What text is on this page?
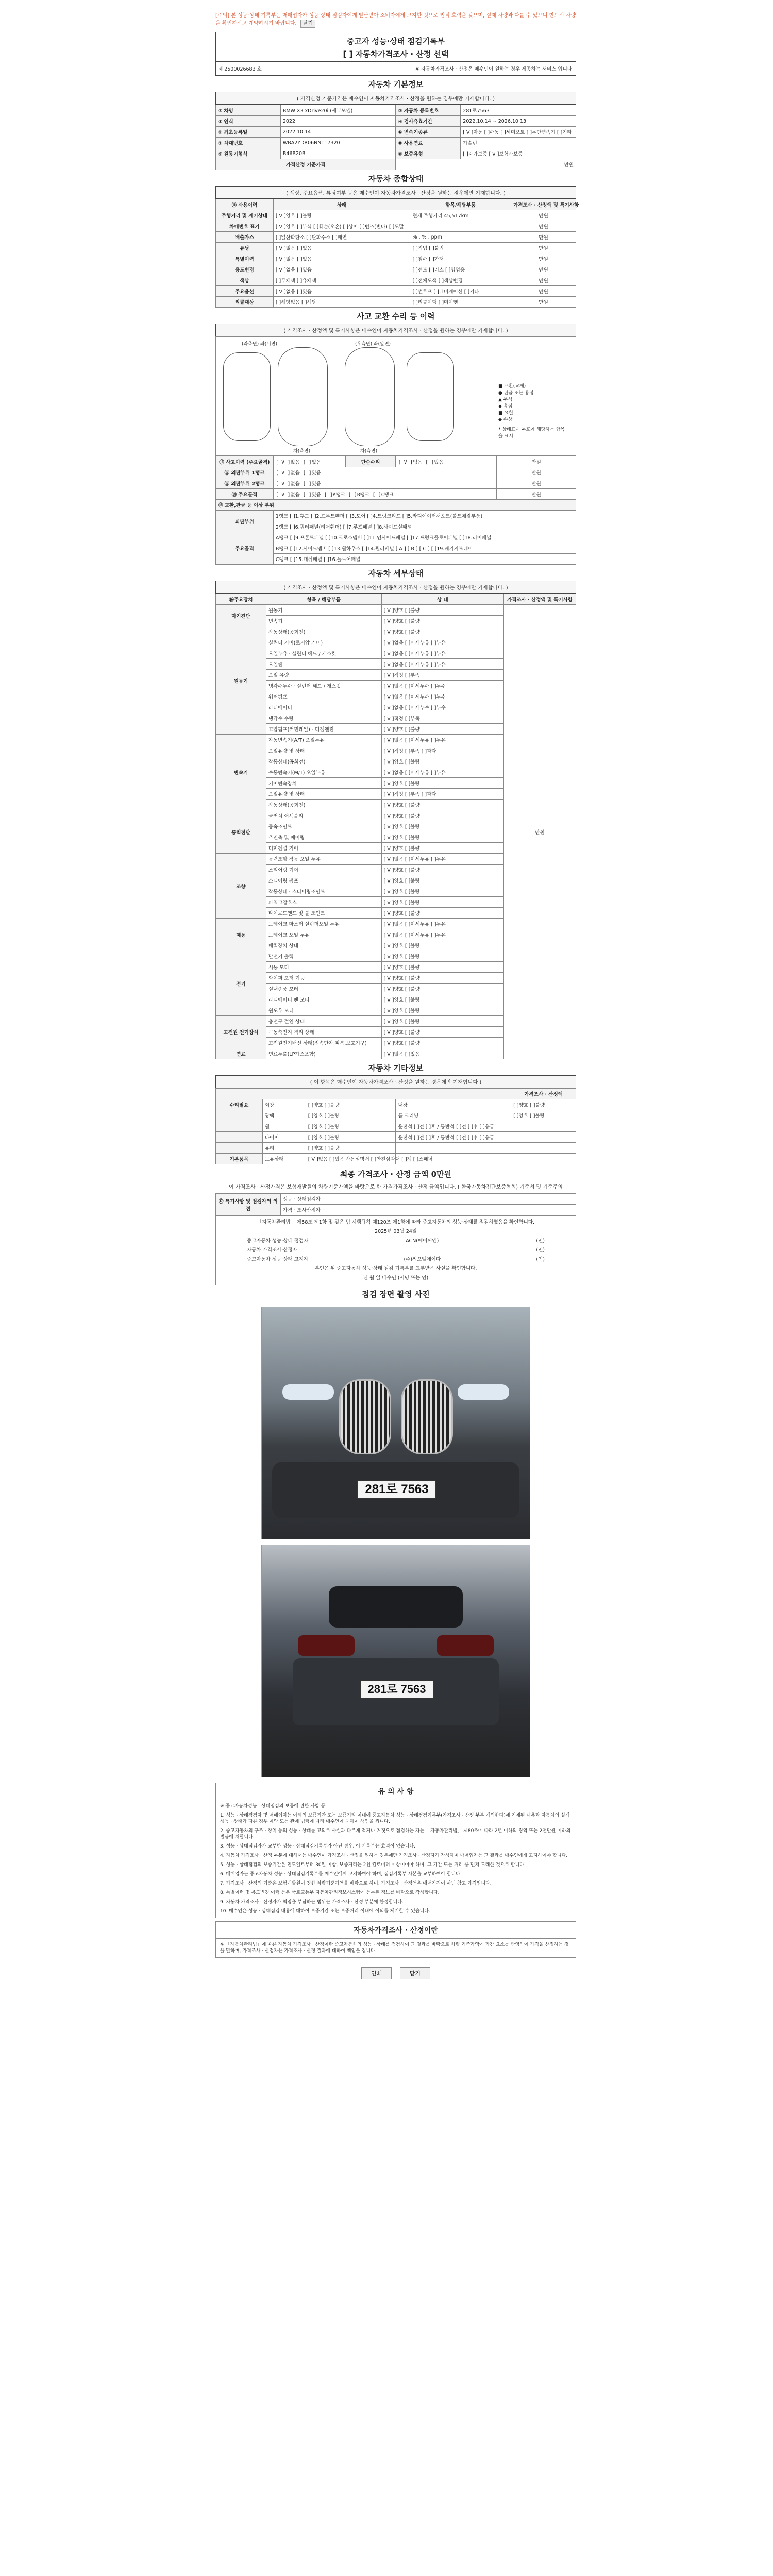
[주의] 본 성능·상태 기록부는 매매업자가 성능·상태 점검자에게 발급받아 소비자에게 고지한 것으로 법적 효력을 갖으며, 실제 차량과 다를 수 있으니 반드시 차량을 확인하시고 계약하시기 바랍니다. 닫기
중고자 성능·상태 점검기록부
[ ] 자동차가격조사 · 산정 선택
제 2500026683 호	※ 자동차가격조사 · 산정은 매수인이 원하는 경우 제공하는 서비스 입니다.
자동차 기본정보
( 가격산정 기준가격은 매수인이 자동차가격조사 · 산정을 원하는 경우에만 기재합니다. )
① 차명	BMW X3 xDrive20i (세부모델)	② 자동차 등록번호	281로7563
③ 연식	2022	④ 검사유효기간	2022.10.14 ~ 2026.10.13
⑤ 최초등록일	2022.10.14	⑥ 변속기종류	[ V ]자동 [ ]수동 [ ]세미오토 [ ]무단변속기 [ ]기타
⑦ 차대번호	WBA2YDR06NN117320	⑧ 사용연료	가솔린
⑨ 원동기형식	B46B20B	⑩ 보증유형	[ ]자가보증 [ V ]보험사보증
가격산정 기준가격		만원	
자동차 종합상태
( 색상, 주요옵션, 튜닝여부 등은 매수인이 자동차가격조사 · 산정을 원하는 경우에만 기재합니다. )
⑪ 사용이력	상태	항목/해당부품	가격조사 · 산정액 및 특기사항
주행거리 및 계기상태	[ V ]양호 [ ]불량	현재 주행거리 45,517km	만원
차대번호 표기	[ V ]양호 [ ]부식 [ ]훼손(오손) [ ]상이 [ ]변조(변타) [ ]도말		만원
배출가스	[ ]일산화탄소 [ ]탄화수소 [ ]매연	% , % , ppm	만원
튜닝	[ V ]없음 [ ]있음	[ ]적법 [ ]불법	만원
특별이력	[ V ]없음 [ ]있음	[ ]침수 [ ]화재	만원
용도변경	[ V ]없음 [ ]있음	[ ]렌트 [ ]리스 [ ]영업용	만원
색상	[ ]무채색 [ ]유채색	[ ]전체도색 [ ]색상변경	만원
주요옵션	[ V ]없음 [ ]있음	[ ]썬루프 [ ]네비게이션 [ ]기타	만원
리콜대상	[ ]해당없음 [ ]해당	[ ]리콜이행 [ ]미이행	만원
사고 교환 수리 등 이력
( 가격조사 · 산정액 및 특기사항은 매수인이 자동차가격조사 · 산정을 원하는 경우에만 기재합니다. )
(좌측면) 좌(뒤면)	(우측면) 좌(앞면)
차(측면)	차(측면)
■ 교환(교체)
● 판금 또는 용접
▲ 부식
◆ 흠집
■ 요철
◆ 손상
* 상태표시 부호에 해당하는 항목을 표시
⑫ 사고이력 (주요골격)	[ V ]없음 [ ]있음	단순수리	[ V ]없음 [ ]있음	만원
⑬ 외판부위 1랭크	[ V ]없음 [ ]있음			만원
⑬ 외판부위 2랭크	[ V ]없음 [ ]있음			만원
⑭ 주요골격	[ V ]없음 [ ]있음 [ ]A랭크 [ ]B랭크 [ ]C랭크			만원
⑮ 교환,판금 등 이상 부위				
외판부위	1랭크 [ ]1.후드 [ ]2.프론트휀더 [ ]3.도어 [ ]4.트렁크리드 [ ]5.라디에이터서포트(볼트체결부품)			
	2랭크 [ ]6.쿼터패널(리어휀더) [ ]7.루프패널 [ ]8.사이드실패널			
주요골격	A랭크 [ ]9.프론트패널 [ ]10.크로스멤버 [ ]11.인사이드패널 [ ]17.트렁크플로어패널 [ ]18.리어패널			
	B랭크 [ ]12.사이드멤버 [ ]13.휠하우스 [ ]14.필러패널 [ A ] [ B ] [ C ] [ ]19.패키지트레이			
	C랭크 [ ]15.대쉬패널 [ ]16.플로어패널			
자동차 세부상태
( 가격조사 · 산정액 및 특기사항은 매수인이 자동차가격조사 · 산정을 원하는 경우에만 기재합니다. )
⑯주요장치	항목 / 해당부품	상 태	가격조사 · 산정액 및 특기사항
자기진단	원동기	[ V ]양호 [ ]불량	만원
	변속기	[ V ]양호 [ ]불량	
원동기	작동상태(공회전)	[ V ]양호 [ ]불량	
	실린더 커버(로커암 커버)	[ V ]없음 [ ]미세누유 [ ]누유	
	오일누유 · 실린더 헤드 / 개스킷	[ V ]없음 [ ]미세누유 [ ]누유	
	오일팬	[ V ]없음 [ ]미세누유 [ ]누유	
	오일 유량	[ V ]적정 [ ]부족	
	냉각수누수 · 실린더 헤드 / 개스킷	[ V ]없음 [ ]미세누수 [ ]누수	
	워터펌프	[ V ]없음 [ ]미세누수 [ ]누수	
	라디에이터	[ V ]없음 [ ]미세누수 [ ]누수	
	냉각수 수량	[ V ]적정 [ ]부족	
	고압펌프(커먼레일) - 디젤엔진	[ V ]양호 [ ]불량	
변속기	자동변속기(A/T) 오일누유	[ V ]없음 [ ]미세누유 [ ]누유	
	오일유량 및 상태	[ V ]적정 [ ]부족 [ ]과다	
	작동상태(공회전)	[ V ]양호 [ ]불량	
	수동변속기(M/T) 오일누유	[ V ]없음 [ ]미세누유 [ ]누유	
	기어변속장치	[ V ]양호 [ ]불량	
	오일유량 및 상태	[ V ]적정 [ ]부족 [ ]과다	
	작동상태(공회전)	[ V ]양호 [ ]불량	
동력전달	클러치 어셈블리	[ V ]양호 [ ]불량	
	등속조인트	[ V ]양호 [ ]불량	
	추진축 및 베어링	[ V ]양호 [ ]불량	
	디퍼렌셜 기어	[ V ]양호 [ ]불량	
조향	동력조향 작동 오일 누유	[ V ]없음 [ ]미세누유 [ ]누유	
	스티어링 기어	[ V ]양호 [ ]불량	
	스티어링 펌프	[ V ]양호 [ ]불량	
	작동상태 · 스티어링조인트	[ V ]양호 [ ]불량	
	파워고압호스	[ V ]양호 [ ]불량	
	타이로드엔드 및 볼 조인트	[ V ]양호 [ ]불량	
제동	브레이크 마스터 실린더오일 누유	[ V ]없음 [ ]미세누유 [ ]누유	
	브레이크 오일 누유	[ V ]없음 [ ]미세누유 [ ]누유	
	배력장치 상태	[ V ]양호 [ ]불량	
전기	발전기 출력	[ V ]양호 [ ]불량	
	시동 모터	[ V ]양호 [ ]불량	
	와이퍼 모터 기능	[ V ]양호 [ ]불량	
	실내송풍 모터	[ V ]양호 [ ]불량	
	라디에이터 팬 모터	[ V ]양호 [ ]불량	
	윈도우 모터	[ V ]양호 [ ]불량	
고전원 전기장치	충전구 절연 상태	[ V ]양호 [ ]불량	
	구동축전지 격리 상태	[ V ]양호 [ ]불량	
	고전원전기배선 상태(접속단자,피복,보호기구)	[ V ]양호 [ ]불량	
연료	연료누출(LP가스포함)	[ V ]없음 [ ]있음	
자동차 기타정보
( 이 항목은 매수인이 자동차가격조사 · 산정을 원하는 경우에만 기재합니다 )
				가격조사 · 산정액
수리필요	외장	[ ]양호 [ ]불량	내장	[ ]양호 [ ]불량
	광택	[ ]양호 [ ]불량	룸 크리닝	[ ]양호 [ ]불량
	휠	[ ]양호 [ ]불량	운전석 [ ]전 [ ]후 / 동반석 [ ]전 [ ]후 [ ]응급	
	타이어	[ ]양호 [ ]불량	운전석 [ ]전 [ ]후 / 동반석 [ ]전 [ ]후 [ ]응급	
	유리	[ ]양호 [ ]불량		
기본품목	보유상태	[ V ]없음 [ ]있음 사용설명서 [ ]안전삼각대 [ ]잭 [ ]스패너		
최종 가격조사 · 산정 금액 0만원
이 가격조사 · 산정가격은 보험개발원의 차량기준가액을 바탕으로 한 가격가격조사 · 산정 금액입니다. ( 한국자동차진단보증협회) 기준서 및 기준주의
⑰ 특기사항 및 점검자의 의견	성능 · 상태점검자
가격 · 조사산정자
「자동차관리법」 제58조 제1항 및 같은 법 시행규칙 제120조 제1항에 따라 중고자동차의 성능·상태를 점검하였음을 확인합니다.
2025년 03월 24일
중고자동차 성능·상태 점검자	ACN(에이씨엔)	(인)
자동차 가격조사·산정자	(인)
중고자동차 성능·상태 고지자	(주)씨오엘에이다	(인)
본인은 위 중고자동차 성능·상태 점검 기록부를 교부받은 사실을 확인합니다.
년 월 일 매수인 (서명 또는 인)
점검 장면 촬영 사진
281로 7563
281로 7563
유 의 사 항

※ 중고자동차성능 · 상태점검의 보증에 관한 사항 등

1. 성능 · 상태점검자 및 매매업자는 아래의 보증기간 또는 보증거리 이내에 중고자동차 성능 · 상태점검기록부(가격조사 · 산정 부분 제외한다)에 기재된 내용과 자동차의 실제 성능 · 상태가 다른 경우 계약 또는 관계 법령에 따라 매수인에 대하여 책임을 집니다.

2. 중고자동차의 구조 · 장치 등의 성능 · 상태를 고의로 사실과 다르게 적거나 거짓으로 점검하는 자는 「자동차관리법」 제80조에 따라 2년 이하의 징역 또는 2천만원 이하의 벌금에 처합니다.

3. 성능 · 상태점검자가 교부한 성능 · 상태점검기록부가 아닌 경우, 이 기록부는 효력이 없습니다.

4. 자동차 가격조사 · 산정 부분에 대해서는 매수인이 가격조사 · 산정을 원하는 경우에만 가격조사 · 산정자가 작성하며 매매업자는 그 결과를 매수인에게 고지하여야 합니다.

5. 성능 · 상태점검의 보증기간은 인도일로부터 30일 이상, 보증거리는 2천 킬로미터 이상이어야 하며, 그 기간 또는 거리 중 먼저 도래한 것으로 합니다.

6. 매매업자는 중고자동차 성능 · 상태점검기록부를 매수인에게 고지하여야 하며, 점검기록부 사본을 교부하여야 합니다.

7. 가격조사 · 산정의 기준은 보험개발원이 정한 차량기준가액을 바탕으로 하며, 가격조사 · 산정액은 매매가격이 아닌 참고 가격입니다.

8. 특별이력 및 용도변경 이력 등은 국토교통부 자동차관리정보시스템에 등록된 정보를 바탕으로 작성합니다.

9. 자동차 가격조사 · 산정자가 책임을 부담하는 범위는 가격조사 · 산정 부분에 한정합니다.

10. 매수인은 성능 · 상태점검 내용에 대하여 보증기간 또는 보증거리 이내에 이의를 제기할 수 있습니다.

자동차가격조사 · 산정이란

※ 「자동차관리법」에 따른 자동차 가격조사 · 산정이란 중고자동차의 성능 · 상태를 점검하여 그 결과를 바탕으로 차량 기준가액에 가감 요소를 반영하여 가격을 산정하는 것을 말하며, 가격조사 · 산정자는 가격조사 · 산정 결과에 대하여 책임을 집니다.

인쇄	닫기
